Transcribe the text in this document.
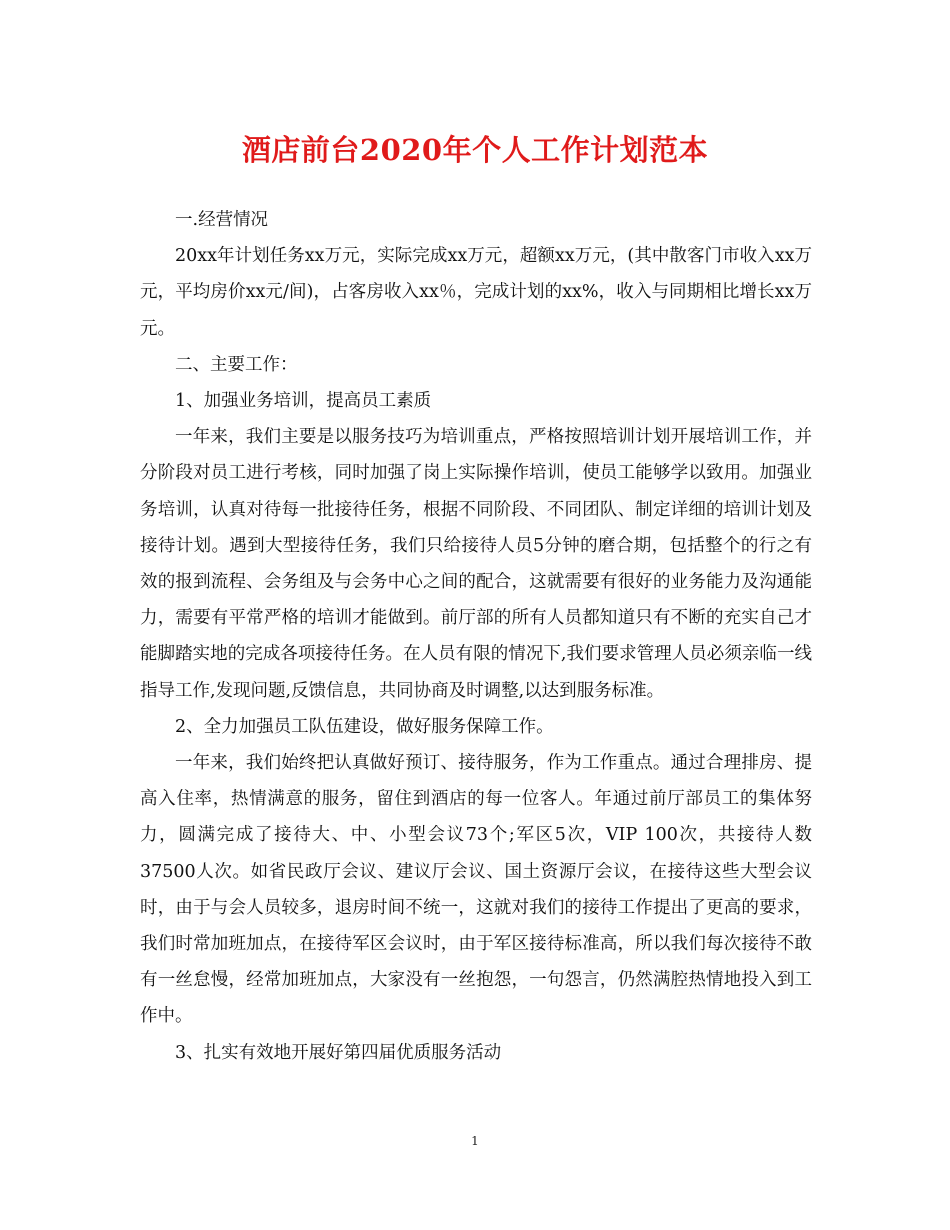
酒店前台2020年个人工作计划范本

一.经营情况

20xx年计划任务xx万元，实际完成xx万元，超额xx万元，(其中散客门市收入xx万元，平均房价xx元/间)，占客房收入xx％，完成计划的xx%，收入与同期相比增长xx万元。

二、主要工作：

1、加强业务培训，提高员工素质

一年来，我们主要是以服务技巧为培训重点，严格按照培训计划开展培训工作，并分阶段对员工进行考核，同时加强了岗上实际操作培训，使员工能够学以致用。加强业务培训，认真对待每一批接待任务，根据不同阶段、不同团队、制定详细的培训计划及接待计划。遇到大型接待任务，我们只给接待人员5分钟的磨合期，包括整个的行之有效的报到流程、会务组及与会务中心之间的配合，这就需要有很好的业务能力及沟通能力，需要有平常严格的培训才能做到。前厅部的所有人员都知道只有不断的充实自己才能脚踏实地的完成各项接待任务。在人员有限的情况下,我们要求管理人员必须亲临一线指导工作,发现问题,反馈信息，共同协商及时调整,以达到服务标准。

2、全力加强员工队伍建设，做好服务保障工作。

一年来，我们始终把认真做好预订、接待服务，作为工作重点。通过合理排房、提高入住率，热情满意的服务，留住到酒店的每一位客人。年通过前厅部员工的集体努力，圆满完成了接待大、中、小型会议73个;军区5次，VIP 100次，共接待人数37500人次。如省民政厅会议、建议厅会议、国土资源厅会议，在接待这些大型会议时，由于与会人员较多，退房时间不统一，这就对我们的接待工作提出了更高的要求，我们时常加班加点，在接待军区会议时，由于军区接待标准高，所以我们每次接待不敢有一丝怠慢，经常加班加点，大家没有一丝抱怨，一句怨言，仍然满腔热情地投入到工作中。

3、扎实有效地开展好第四届优质服务活动

1
